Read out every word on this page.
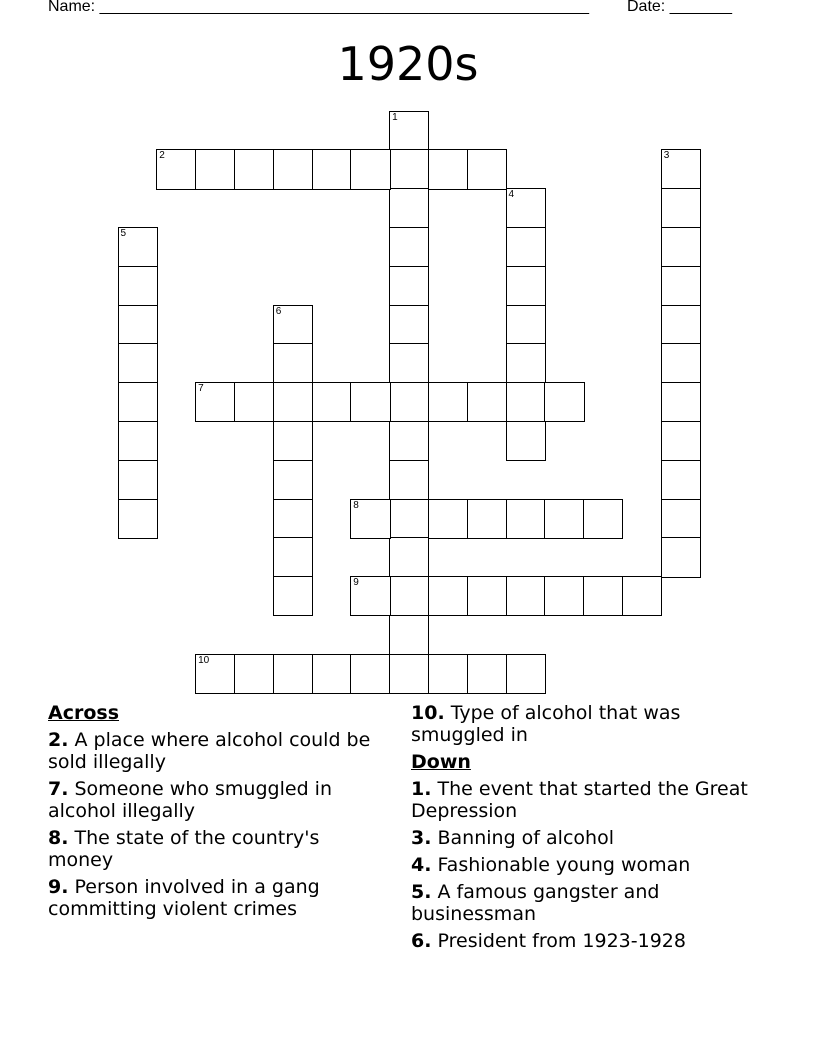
Name: _______________________________________________________ Date: _______
1920s
1
2	3
4
5
6
7
8
9
10
Across
2. A place where alcohol could be sold illegally
7. Someone who smuggled in alcohol illegally
8. The state of the country's money
9. Person involved in a gang committing violent crimes
10. Type of alcohol that was smuggled in
Down
1. The event that started the Great Depression
3. Banning of alcohol
4. Fashionable young woman
5. A famous gangster and businessman
6. President from 1923-1928
